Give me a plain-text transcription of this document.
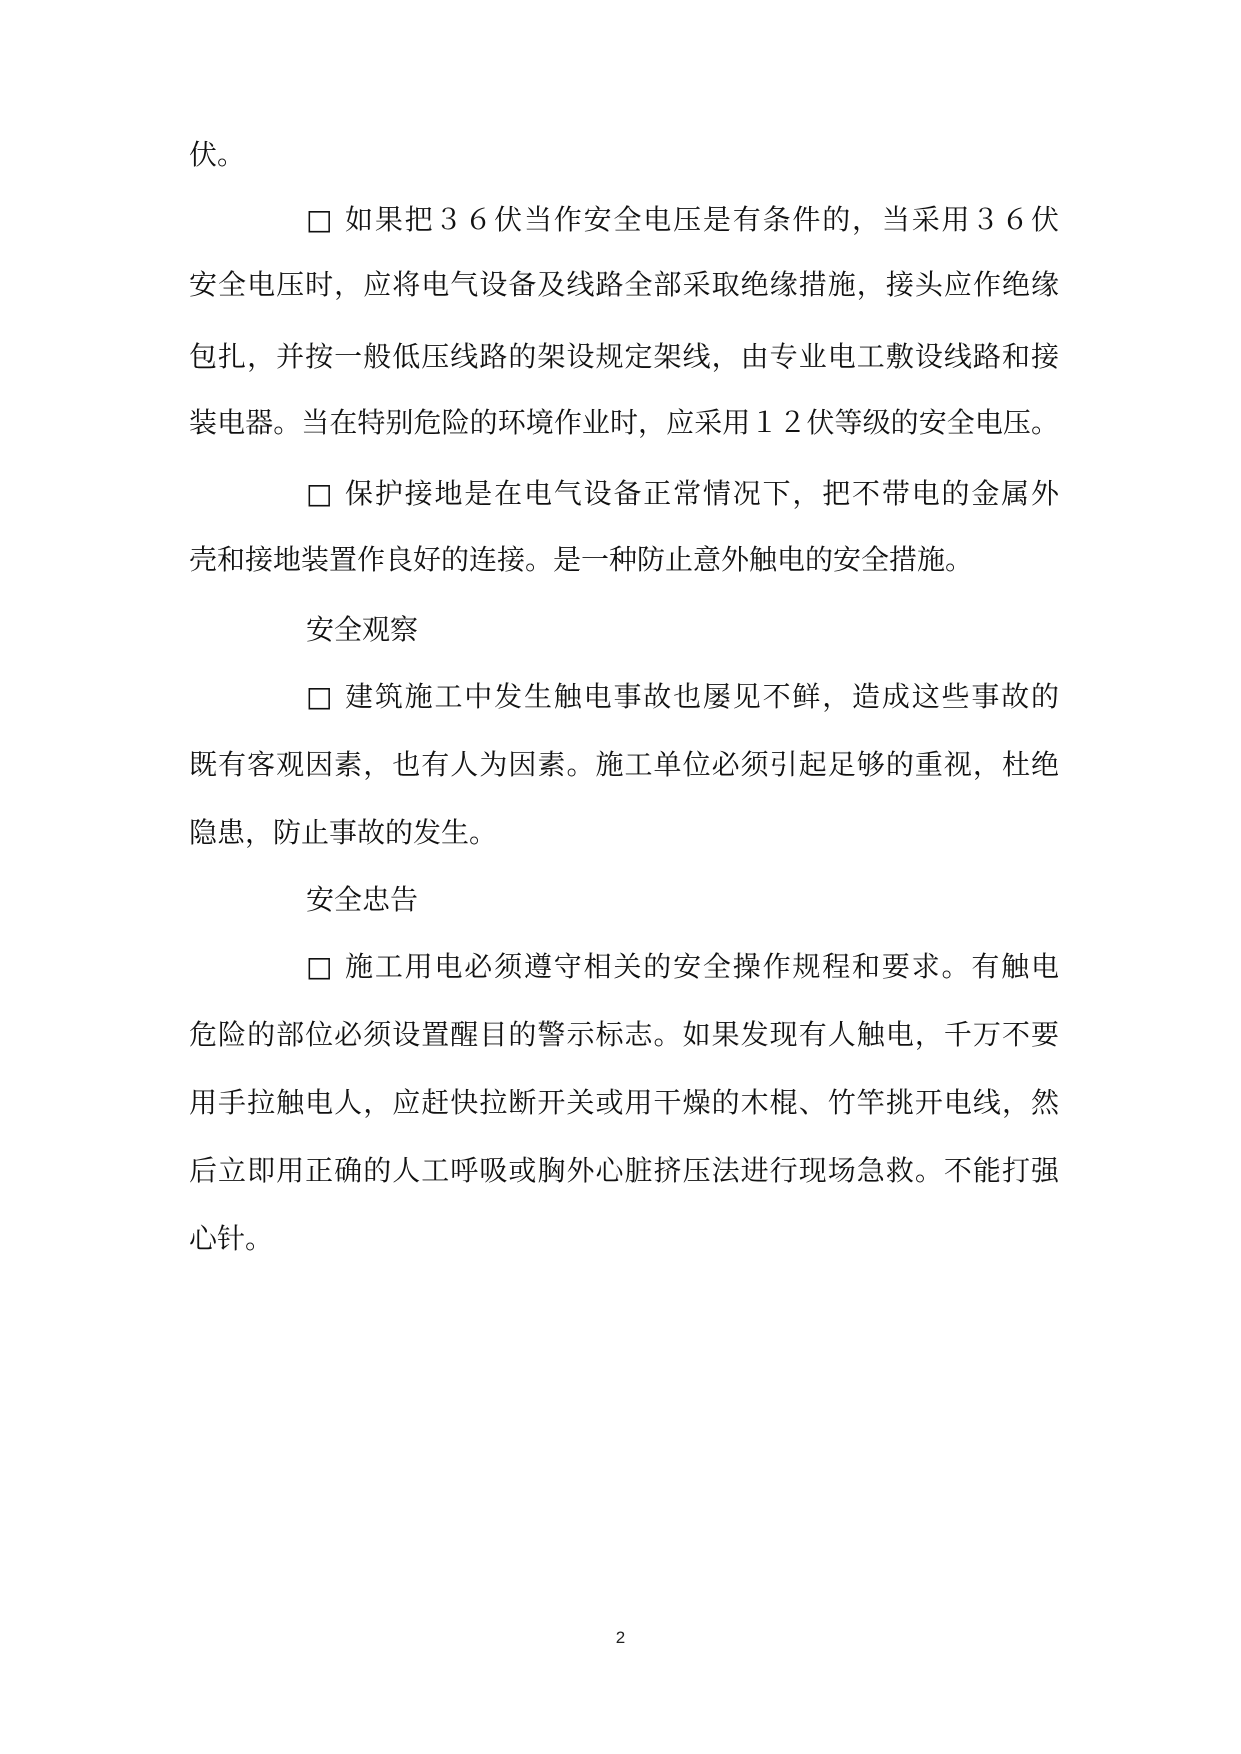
伏。
□ 如果把３６伏当作安全电压是有条件的，当采用３６伏
安全电压时，应将电气设备及线路全部采取绝缘措施，接头应作绝缘
包扎，并按一般低压线路的架设规定架线，由专业电工敷设线路和接
装电器。当在特别危险的环境作业时，应采用１２伏等级的安全电压。
□ 保护接地是在电气设备正常情况下，把不带电的金属外
壳和接地装置作良好的连接。是一种防止意外触电的安全措施。
安全观察
□ 建筑施工中发生触电事故也屡见不鲜，造成这些事故的
既有客观因素，也有人为因素。施工单位必须引起足够的重视，杜绝
隐患，防止事故的发生。
安全忠告
□ 施工用电必须遵守相关的安全操作规程和要求。有触电
危险的部位必须设置醒目的警示标志。如果发现有人触电，千万不要
用手拉触电人，应赶快拉断开关或用干燥的木棍、竹竿挑开电线，然
后立即用正确的人工呼吸或胸外心脏挤压法进行现场急救。不能打强
心针。
2
